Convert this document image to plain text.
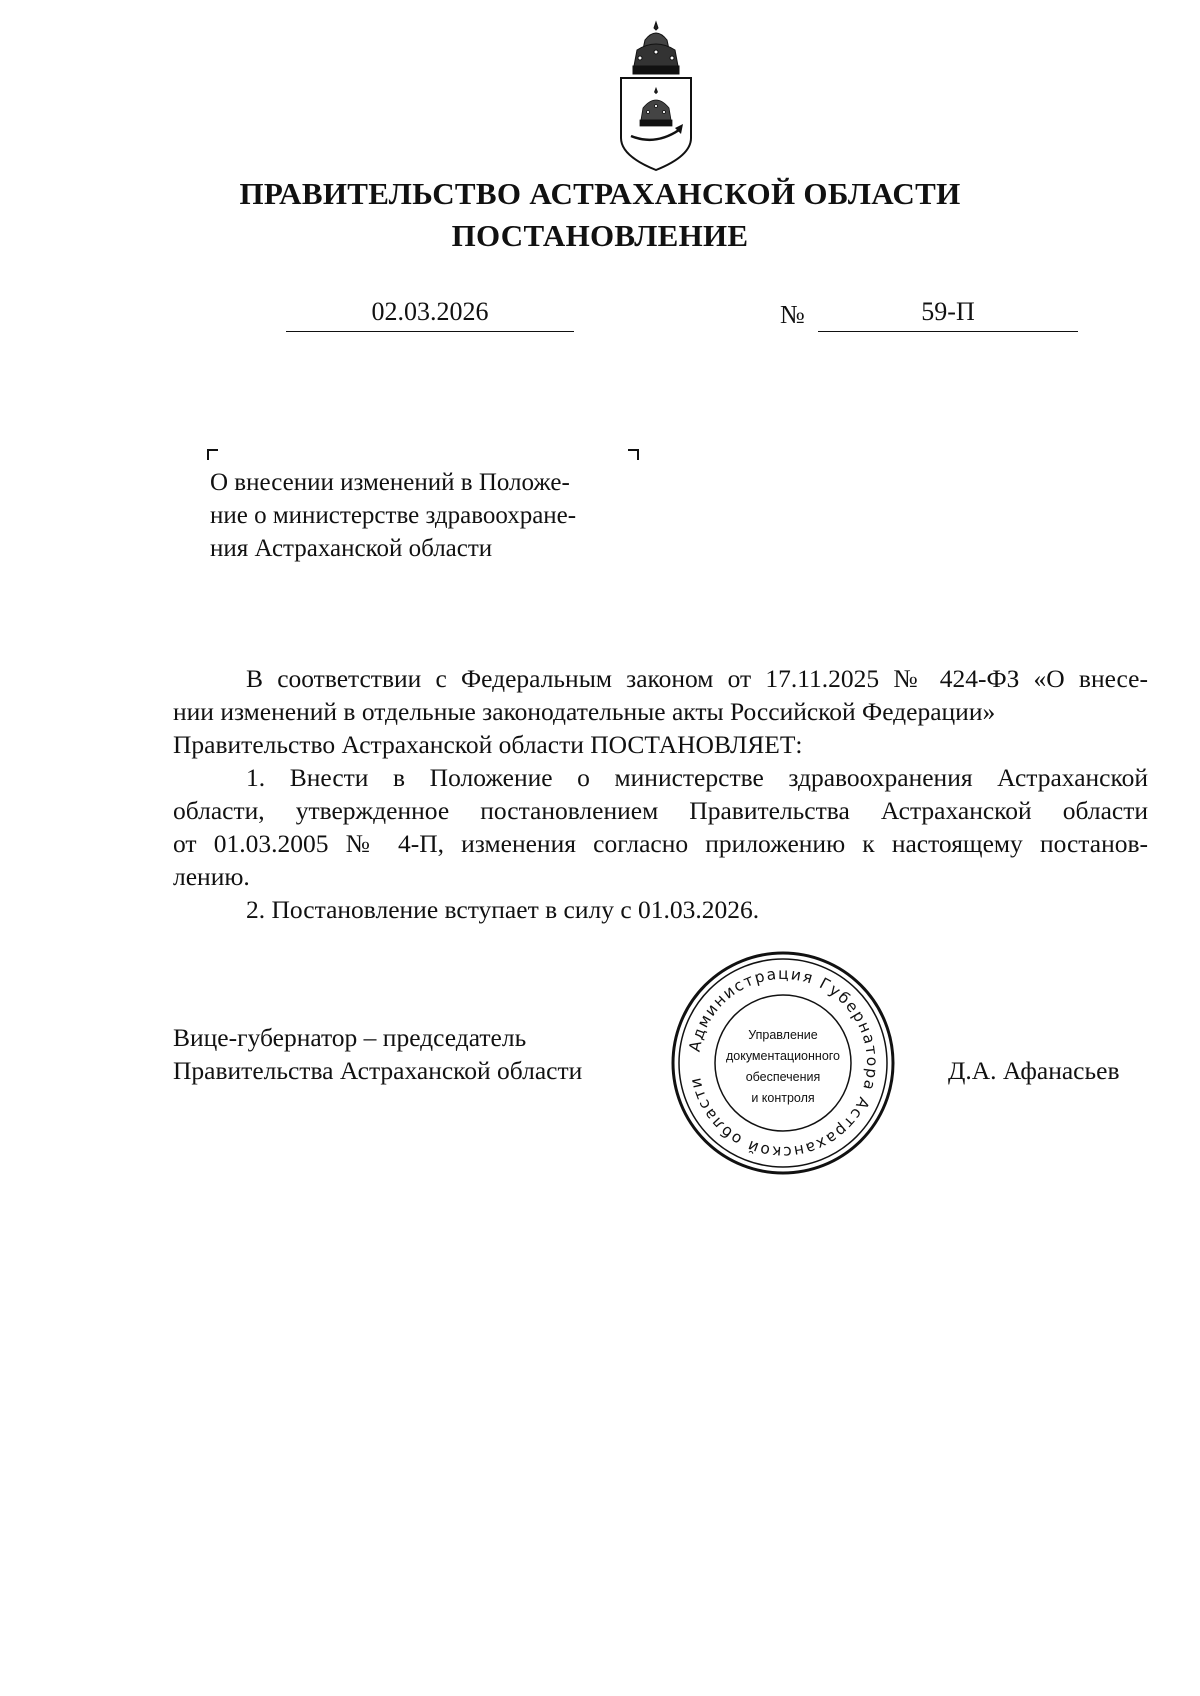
ПРАВИТЕЛЬСТВО АСТРАХАНСКОЙ ОБЛАСТИ
ПОСТАНОВЛЕНИЕ
02.03.2026	№	59-П
О внесении изменений в Положе-
ние о министерстве здравоохране-
ния Астраханской области
В соответствии с Федеральным законом от 17.11.2025 № 424-ФЗ «О внесе-
нии изменений в отдельные законодательные акты Российской Федерации»
Правительство Астраханской области ПОСТАНОВЛЯЕТ:
1. Внести в Положение о министерстве здравоохранения Астраханской
области, утвержденное постановлением Правительства Астраханской области
от 01.03.2005 № 4-П, изменения согласно приложению к настоящему постанов-
лению.
2. Постановление вступает в силу с 01.03.2026.
Вице-губернатор – председатель
Правительства Астраханской области	Д.А. Афанасьев
Администрация Губернатора Астраханской области
Управление
документационного
обеспечения
и контроля
